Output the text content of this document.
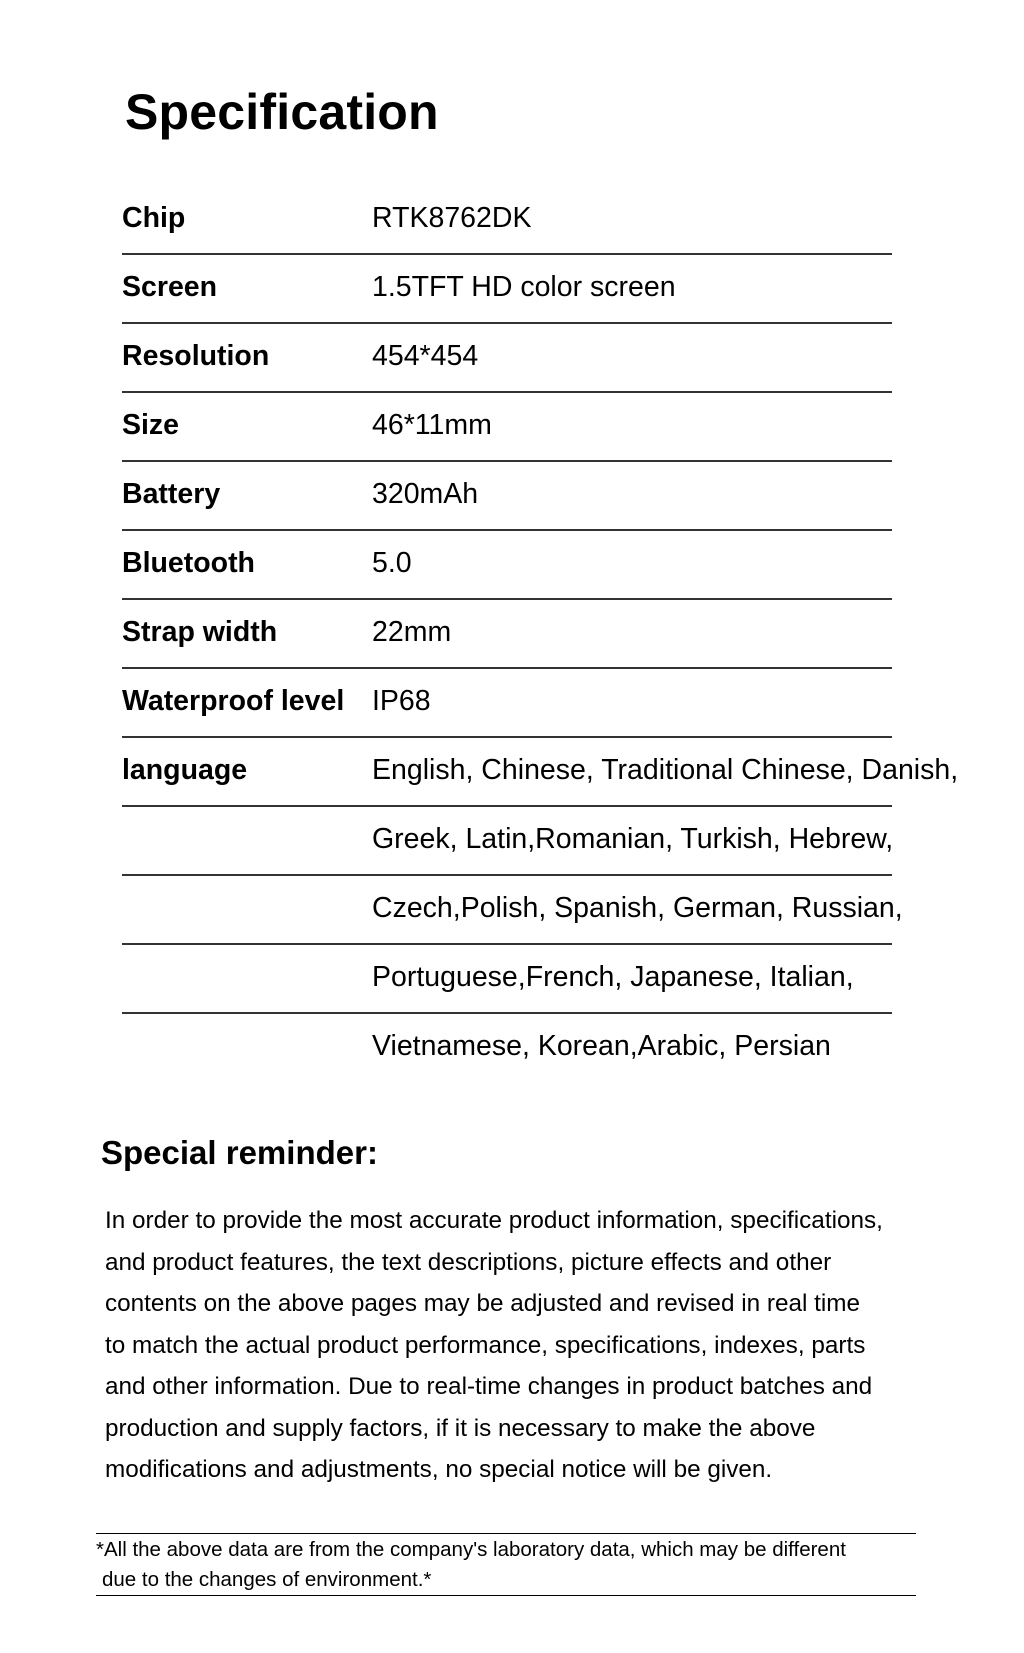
Specification
Chip	RTK8762DK
Screen	1.5TFT HD color screen
Resolution	454*454
Size	46*11mm
Battery	320mAh
Bluetooth	5.0
Strap width	22mm
Waterproof level IP68
language	English, Chinese, Traditional Chinese, Danish,
Greek, Latin,Romanian, Turkish, Hebrew,
Czech,Polish, Spanish, German, Russian,
Portuguese,French, Japanese, Italian,
Vietnamese, Korean,Arabic, Persian
Special reminder:

In order to provide the most accurate product information, specifications,
and product features, the text descriptions, picture effects and other
contents on the above pages may be adjusted and revised in real time
to match the actual product performance, specifications, indexes, parts
and other information. Due to real-time changes in product batches and
production and supply factors, if it is necessary to make the above
modifications and adjustments, no special notice will be given.

*All the above data are from the company's laboratory data, which may be different
due to the changes of environment.*
